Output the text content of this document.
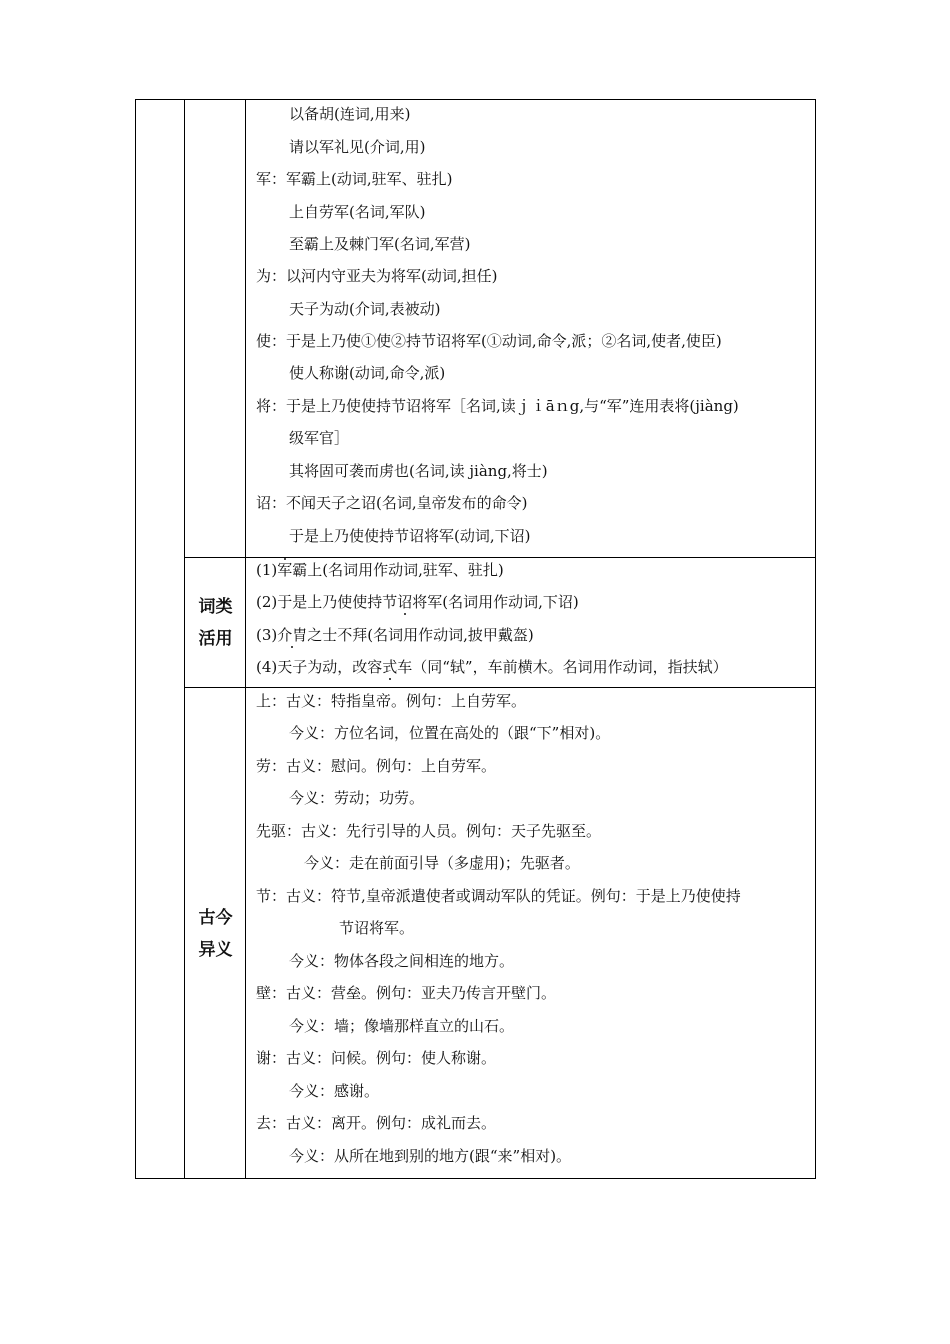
以备胡(连词,用来)
请以军礼见(介词,用)
军：军霸上(动词,驻军、驻扎)
上自劳军(名词,军队)
至霸上及棘门军(名词,军营)
为：以河内守亚夫为将军(动词,担任)
天子为动(介词,表被动)
使：于是上乃使①使②持节诏将军(①动词,命令,派；②名词,使者,使臣)
使人称谢(动词,命令,派)
将：于是上乃使使持节诏将军［名词,读ｊｉāｎg,与“军”连用表将(jiàng)
级军官］
其将固可袭而虏也(名词,读 jiàng,将士)
诏：不闻天子之诏(名词,皇帝发布的命令)
于是上乃使使持节诏将军(动词,下诏)
词类
活用
(1)军霸上(名词用作动词,驻军、驻扎)
(2)于是上乃使使持节诏将军(名词用作动词,下诏)
(3)介胄之士不拜(名词用作动词,披甲戴盔)
(4)天子为动，改容式车（同“轼”，车前横木。名词用作动词，指扶轼）
古今
异义
上：古义：特指皇帝。例句：上自劳军。
今义：方位名词，位置在高处的（跟“下”相对)。
劳：古义：慰问。例句：上自劳军。
今义：劳动；功劳。
先驱：古义：先行引导的人员。例句：天子先驱至。
今义：走在前面引导（多虚用)；先驱者。
节：古义：符节,皇帝派遣使者或调动军队的凭证。例句：于是上乃使使持
节诏将军。
今义：物体各段之间相连的地方。
壁：古义：营垒。例句：亚夫乃传言开壁门。
今义：墙；像墙那样直立的山石。
谢：古义：问候。例句：使人称谢。
今义：感谢。
去：古义：离开。例句：成礼而去。
今义：从所在地到别的地方(跟“来”相对)。
